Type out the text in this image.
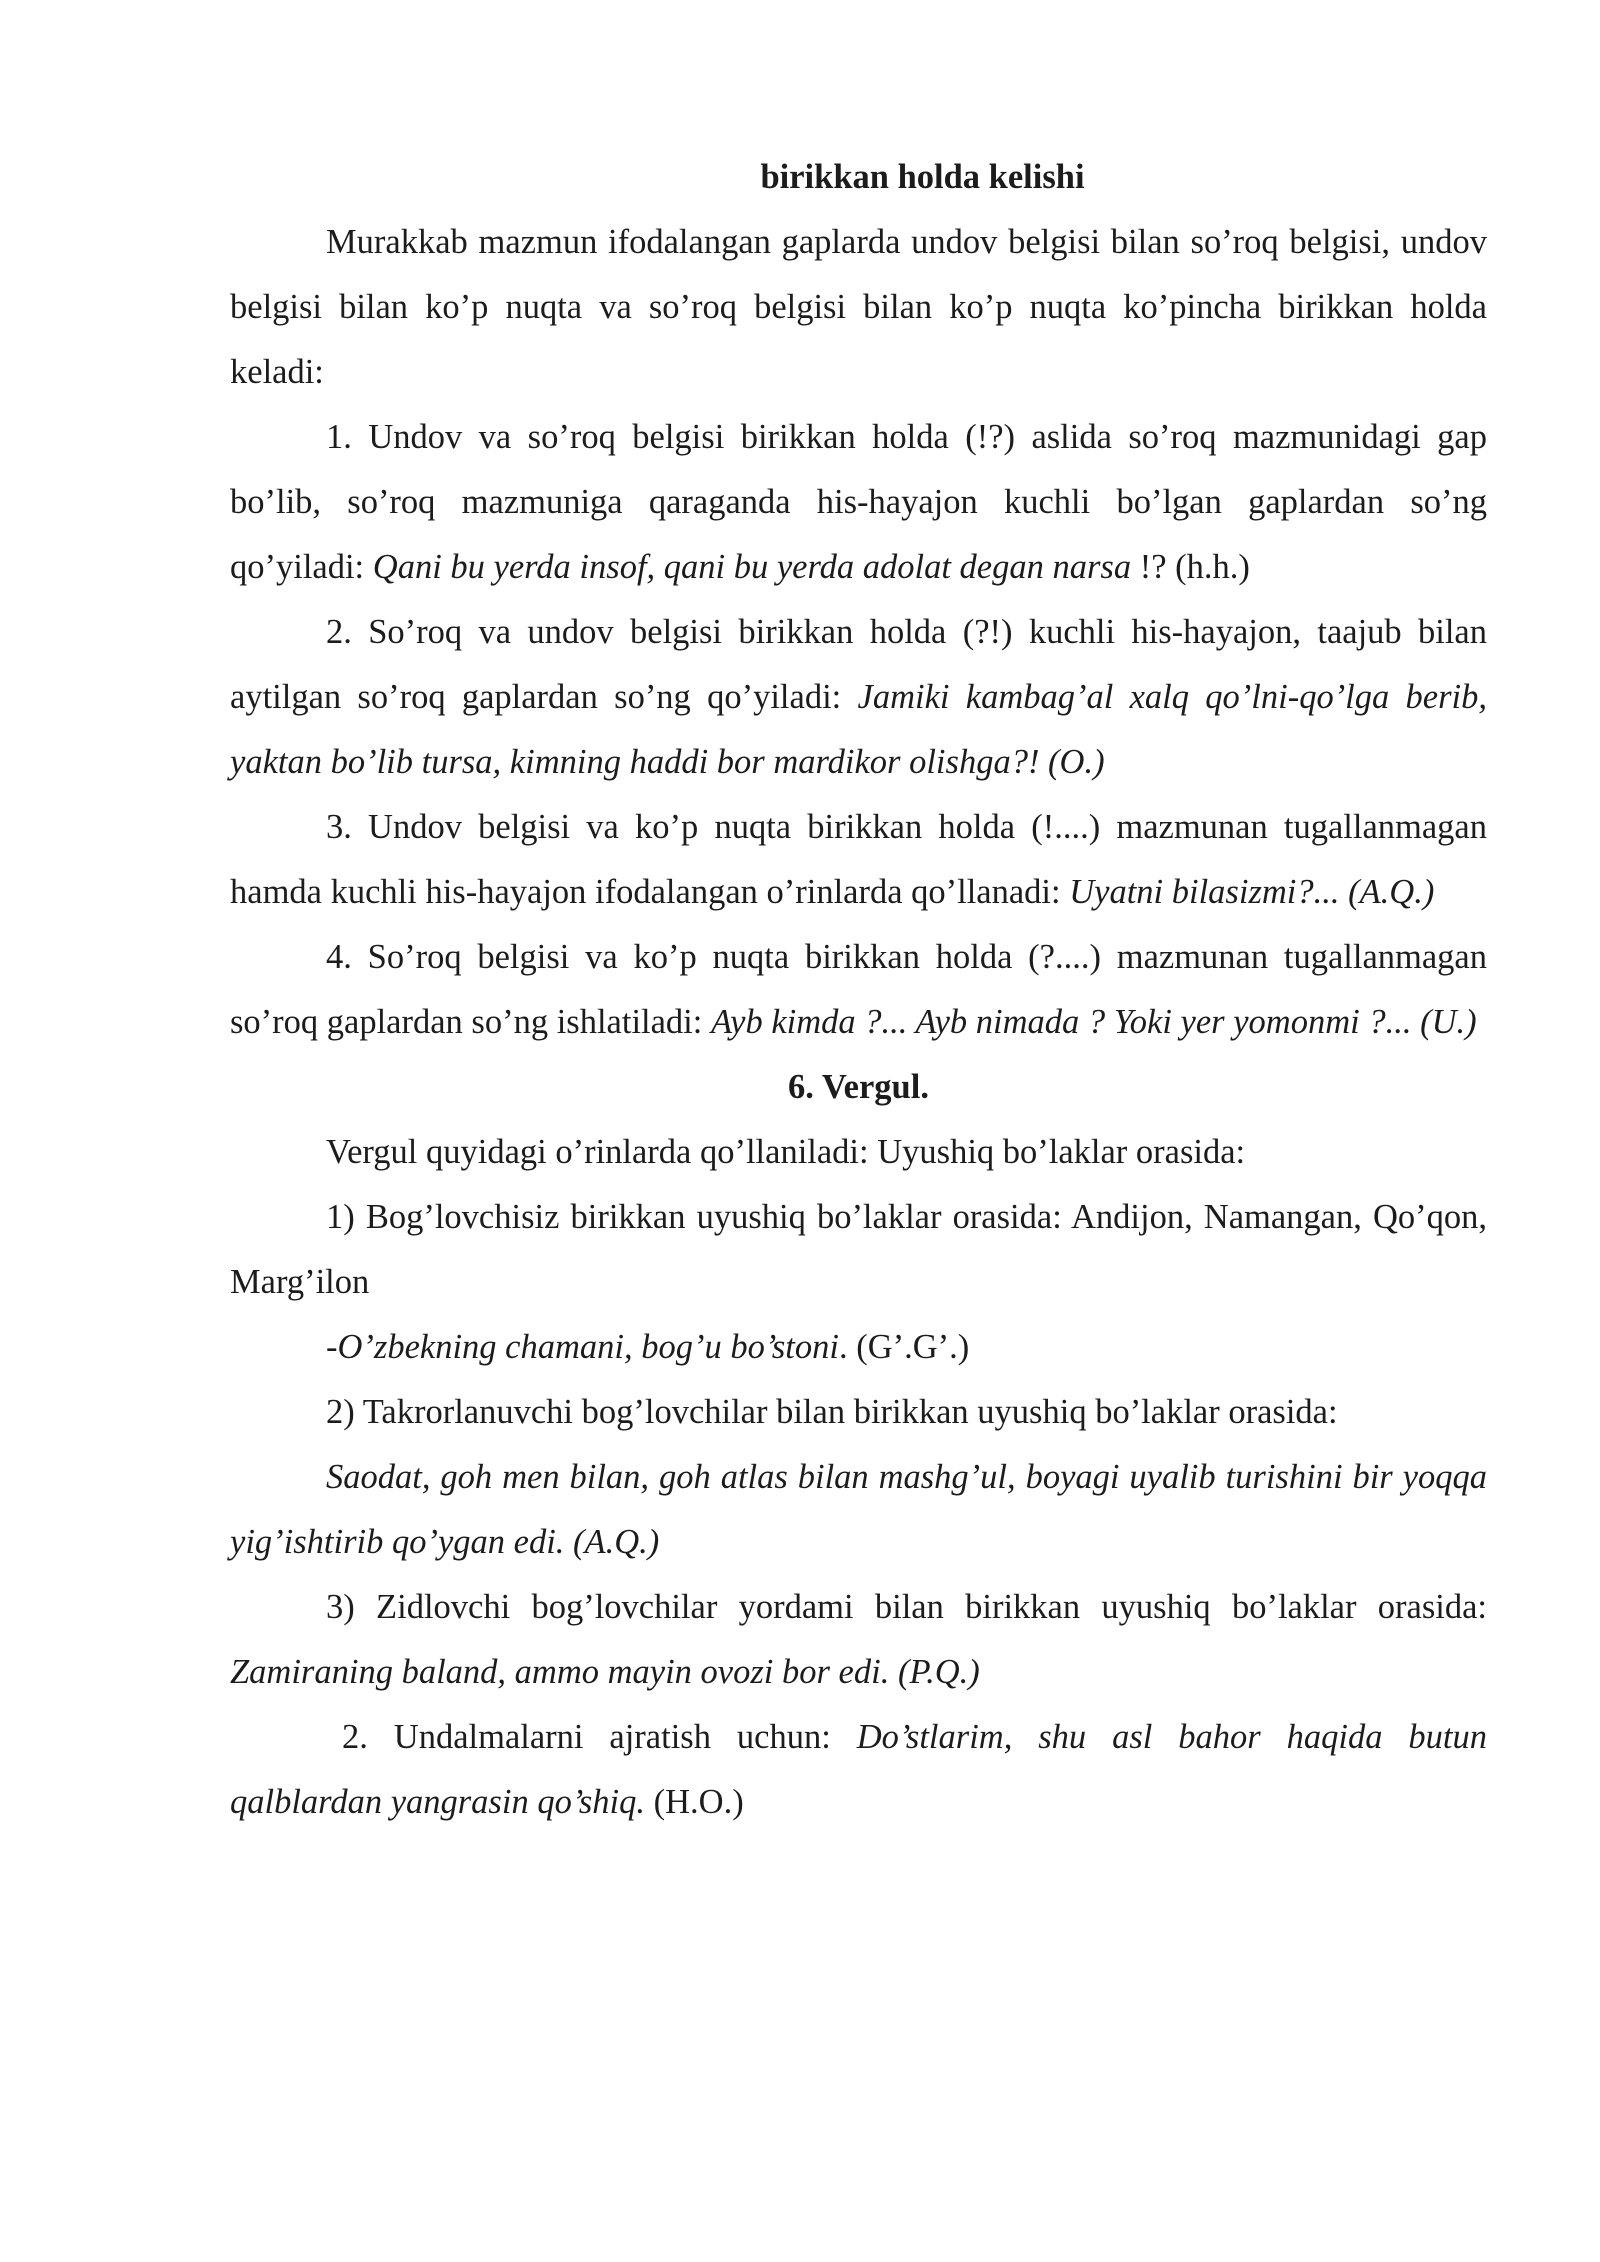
birikkan holda kelishi

Murakkab mazmun ifodalangan gaplarda undov belgisi bilan so’roq belgisi, undov belgisi bilan ko’p nuqta va so’roq belgisi bilan ko’p nuqta ko’pincha birikkan holda keladi:

1. Undov va so’roq belgisi birikkan holda (!?) aslida so’roq mazmunidagi gap bo’lib, so’roq mazmuniga qaraganda his-hayajon kuchli bo’lgan gaplardan so’ng qo’yiladi: Qani bu yerda insof, qani bu yerda adolat degan narsa !? (h.h.)

2. So’roq va undov belgisi birikkan holda (?!) kuchli his-hayajon, taajub bilan aytilgan so’roq gaplardan so’ng qo’yiladi: Jamiki kambag’al xalq qo’lni-qo’lga berib, yaktan bo’lib tursa, kimning haddi bor mardikor olishga?! (O.)

3. Undov belgisi va ko’p nuqta birikkan holda (!....) mazmunan tugallanmagan hamda kuchli his-hayajon ifodalangan o’rinlarda qo’llanadi: Uyatni bilasizmi?... (A.Q.)

4. So’roq belgisi va ko’p nuqta birikkan holda (?....) mazmunan tugallanmagan so’roq gaplardan so’ng ishlatiladi: Ayb kimda ?... Ayb nimada ? Yoki yer yomonmi ?... (U.)

6. Vergul.

Vergul quyidagi o’rinlarda qo’llaniladi: Uyushiq bo’laklar orasida:

1) Bog’lovchisiz birikkan uyushiq bo’laklar orasida: Andijon, Namangan, Qo’qon, Marg’ilon

-O’zbekning chamani, bog’u bo’stoni. (G’.G’.)

2) Takrorlanuvchi bog’lovchilar bilan birikkan uyushiq bo’laklar orasida:

Saodat, goh men bilan, goh atlas bilan mashg’ul, boyagi uyalib turishini bir yoqqa yig’ishtirib qo’ygan edi. (A.Q.)

3) Zidlovchi bog’lovchilar yordami bilan birikkan uyushiq bo’laklar orasida: Zamiraning baland, ammo mayin ovozi bor edi. (P.Q.)

2. Undalmalarni ajratish uchun: Do’stlarim, shu asl bahor haqida butun qalblardan yangrasin qo’shiq. (H.O.)
